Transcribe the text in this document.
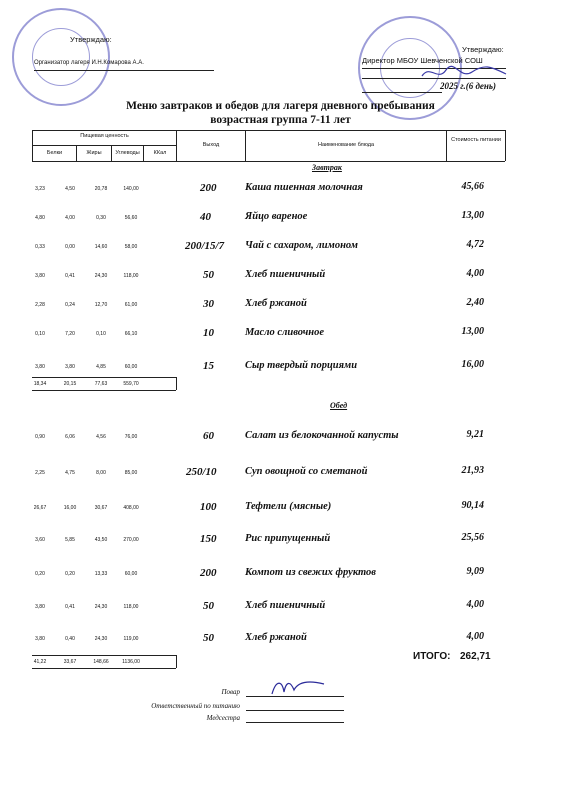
Утверждаю:
Организатор лагеря И.Н.Комарова А.А.
Утверждаю:
Директор МБОУ Шевченской СОШ
2025 г.(6 день)
Меню завтраков и обедов для лагеря дневного пребывания
возрастная группа 7-11 лет
Пищевая ценность
Белки	Жиры	Углеводы	ККал
Выход	Наименование блюда
Стоимость питании
Завтрак
3,23	4,50	20,78	140,00	200	Каша пшенная молочная	45,66
4,80	4,00	0,30	56,60	40	Яйцо вареное	13,00
0,33	0,00	14,60	58,00	200/15/7 Чай с сахаром, лимоном	4,72
3,80	0,41	24,30	118,00	50	Хлеб пшеничный	4,00
2,28	0,24	12,70	61,00	30	Хлеб ржаной	2,40
0,10	7,20	0,10	66,10	10	Масло сливочное	13,00
3,80	3,80	4,85	60,00	15	Сыр твердый порциями	16,00
18,34	20,15	77,63	559,70
Обед
0,90	6,06	4,56	76,00	60	Салат из белокочанной капусты	9,21
2,25	4,75	8,00	85,00	250/10	Суп овощной со сметаной	21,93
26,67	16,00	30,67	408,00	100	Тефтели (мясные)	90,14
3,60	5,85	43,50	270,00	150	Рис припущенный	25,56
0,20	0,20	13,33	60,00	200	Компот из свежих фруктов	9,09
3,80	0,41	24,30	118,00	50	Хлеб пшеничный	4,00
3,80	0,40	24,30	119,00	50	Хлеб ржаной	4,00
41,22	33,67	148,66	1136,00	ИТОГО: 262,71
Повар
Ответственный по питанию
Медсестра
